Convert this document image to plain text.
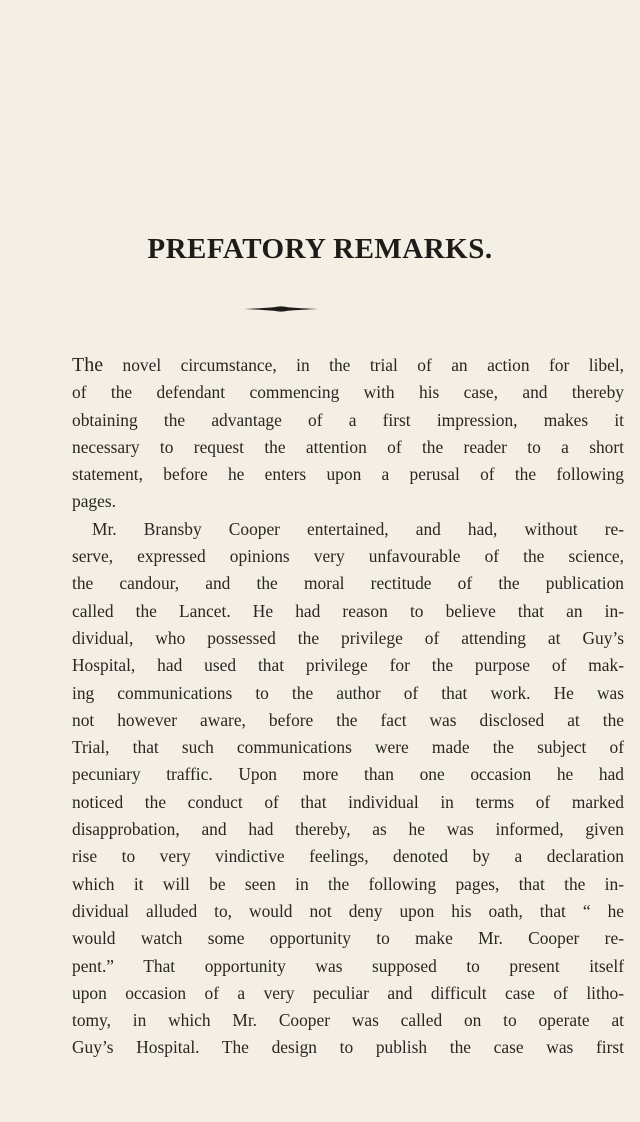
PREFATORY REMARKS.
The novel circumstance, in the trial of an action for libel,
of the defendant commencing with his case, and thereby
obtaining the advantage of a first impression, makes it
necessary to request the attention of the reader to a short
statement, before he enters upon a perusal of the following
pages.
Mr. Bransby Cooper entertained, and had, without re-
serve, expressed opinions very unfavourable of the science,
the candour, and the moral rectitude of the publication
called the Lancet. He had reason to believe that an in-
dividual, who possessed the privilege of attending at Guy’s
Hospital, had used that privilege for the purpose of mak-
ing communications to the author of that work. He was
not however aware, before the fact was disclosed at the
Trial, that such communications were made the subject of
pecuniary traffic. Upon more than one occasion he had
noticed the conduct of that individual in terms of marked
disapprobation, and had thereby, as he was informed, given
rise to very vindictive feelings, denoted by a declaration
which it will be seen in the following pages, that the in-
dividual alluded to, would not deny upon his oath, that “ he
would watch some opportunity to make Mr. Cooper re-
pent.” That opportunity was supposed to present itself
upon occasion of a very peculiar and difficult case of litho-
tomy, in which Mr. Cooper was called on to operate at
Guy’s Hospital. The design to publish the case was first
